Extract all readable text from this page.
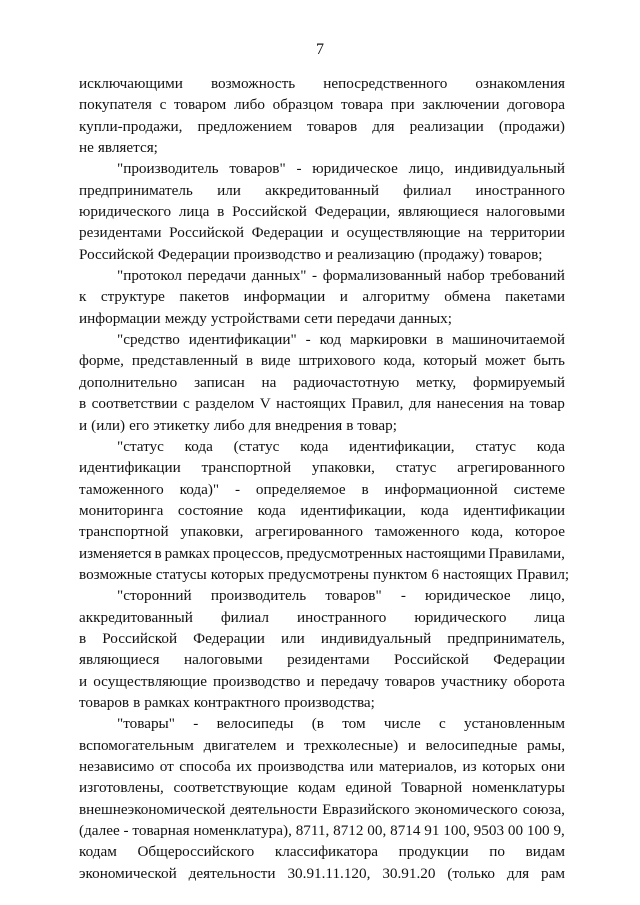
7
исключающими возможность непосредственного ознакомления
покупателя с товаром либо образцом товара при заключении договора
купли-продажи, предложением товаров для реализации (продажи)
не является;
"производитель товаров" - юридическое лицо, индивидуальный
предприниматель или аккредитованный филиал иностранного
юридического лица в Российской Федерации, являющиеся налоговыми
резидентами Российской Федерации и осуществляющие на территории
Российской Федерации производство и реализацию (продажу) товаров;
"протокол передачи данных" - формализованный набор требований
к структуре пакетов информации и алгоритму обмена пакетами
информации между устройствами сети передачи данных;
"средство идентификации" - код маркировки в машиночитаемой
форме, представленный в виде штрихового кода, который может быть
дополнительно записан на радиочастотную метку, формируемый
в соответствии с разделом V настоящих Правил, для нанесения на товар
и (или) его этикетку либо для внедрения в товар;
"статус кода (статус кода идентификации, статус кода
идентификации транспортной упаковки, статус агрегированного
таможенного кода)" - определяемое в информационной системе
мониторинга состояние кода идентификации, кода идентификации
транспортной упаковки, агрегированного таможенного кода, которое
изменяется в рамках процессов, предусмотренных настоящими Правилами,
возможные статусы которых предусмотрены пунктом 6 настоящих Правил;
"сторонний производитель товаров" - юридическое лицо,
аккредитованный филиал иностранного юридического лица
в Российской Федерации или индивидуальный предприниматель,
являющиеся налоговыми резидентами Российской Федерации
и осуществляющие производство и передачу товаров участнику оборота
товаров в рамках контрактного производства;
"товары" - велосипеды (в том числе с установленным
вспомогательным двигателем и трехколесные) и велосипедные рамы,
независимо от способа их производства или материалов, из которых они
изготовлены, соответствующие кодам единой Товарной номенклатуры
внешнеэкономической деятельности Евразийского экономического союза,
(далее - товарная номенклатура), 8711, 8712 00, 8714 91 100, 9503 00 100 9,
кодам Общероссийского классификатора продукции по видам
экономической деятельности 30.91.11.120, 30.91.20 (только для рам
